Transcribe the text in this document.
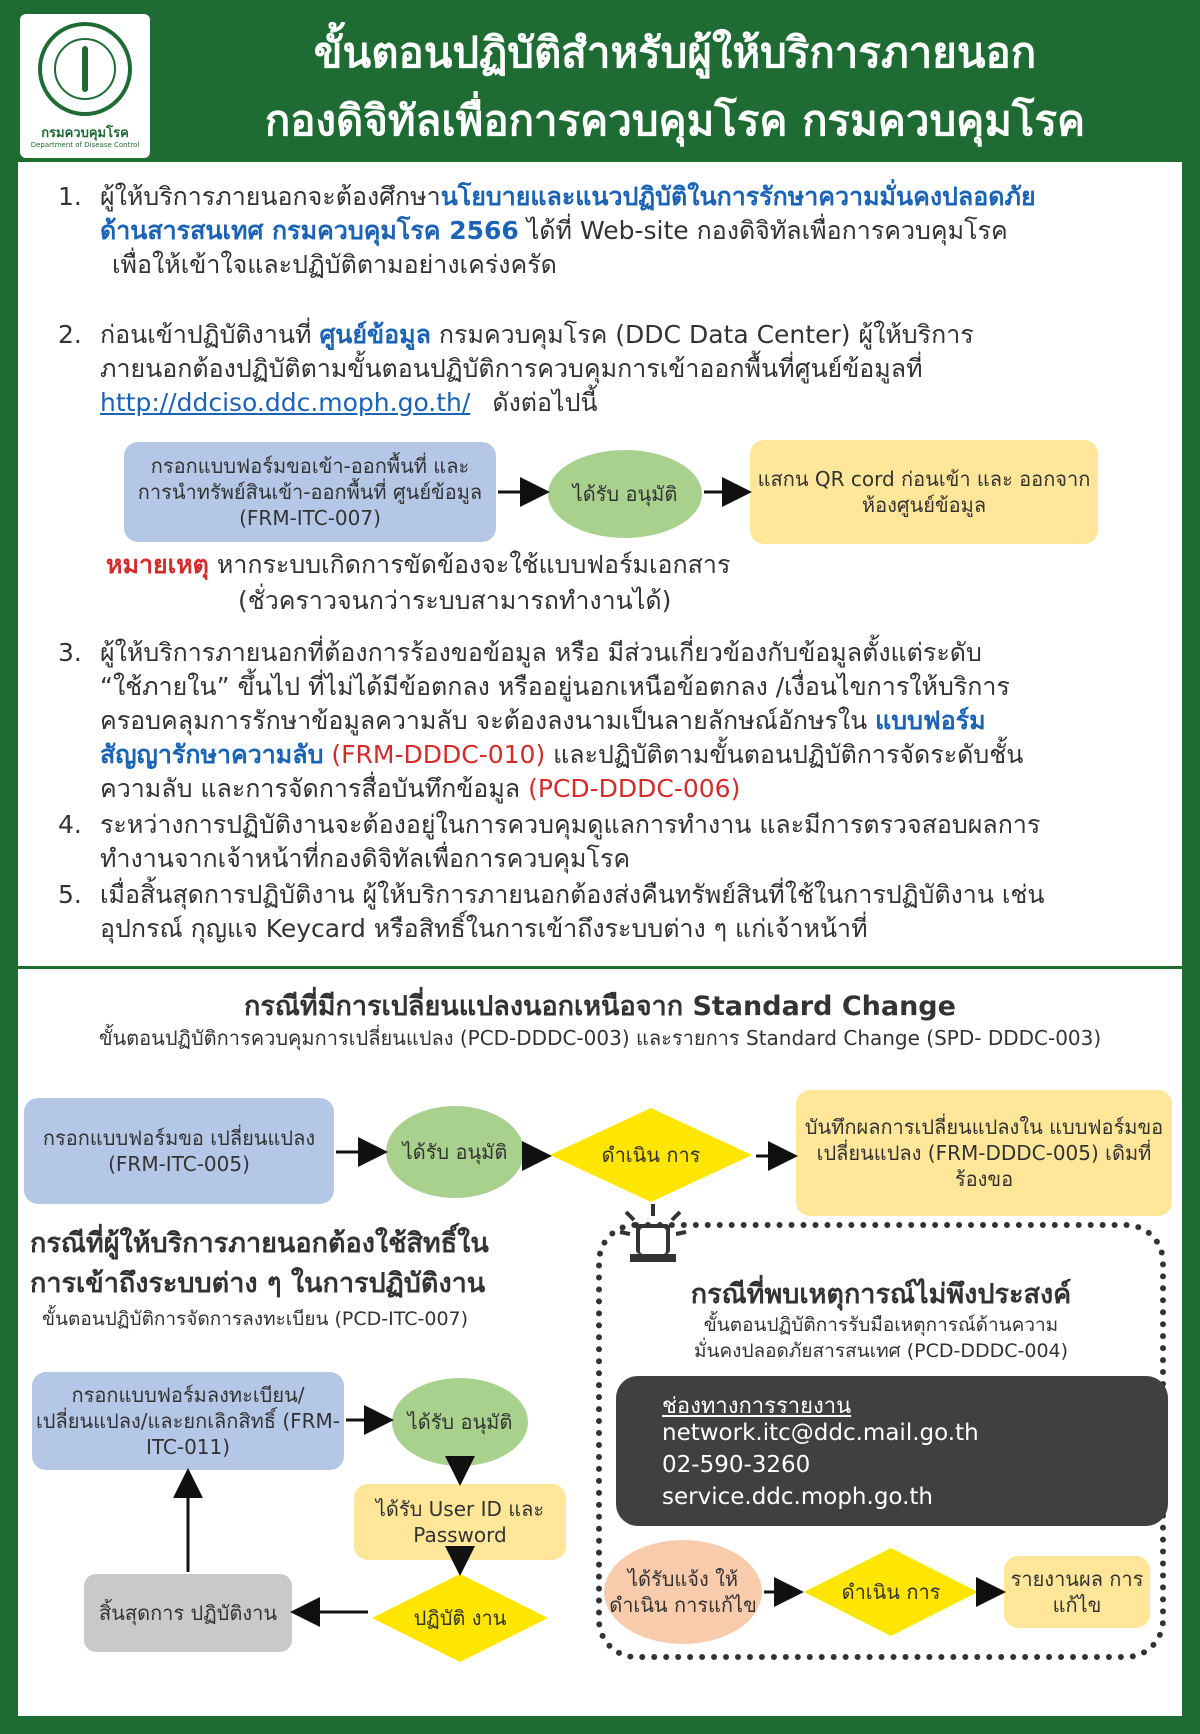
กรมควบคุมโรค
Department of Disease Control
ขั้นตอนปฏิบัติสำหรับผู้ให้บริการภายนอก
กองดิจิทัลเพื่อการควบคุมโรค กรมควบคุมโรค
1. ผู้ให้บริการภายนอกจะต้องศึกษานโยบายและแนวปฏิบัติในการรักษาความมั่นคงปลอดภัย
ด้านสารสนเทศ กรมควบคุมโรค 2566 ได้ที่ Web-site กองดิจิทัลเพื่อการควบคุมโรค
เพื่อให้เข้าใจและปฏิบัติตามอย่างเคร่งครัด
2. ก่อนเข้าปฏิบัติงานที่ ศูนย์ข้อมูล กรมควบคุมโรค (DDC Data Center) ผู้ให้บริการ
ภายนอกต้องปฏิบัติตามขั้นตอนปฏิบัติการควบคุมการเข้าออกพื้นที่ศูนย์ข้อมูลที่
http://ddciso.ddc.moph.go.th/ ดังต่อไปนี้
กรอกแบบฟอร์มขอเข้า-ออกพื้นที่ และการนำทรัพย์สินเข้า-ออกพื้นที่ ศูนย์ข้อมูล (FRM-ITC-007)
ได้รับ อนุมัติ
แสกน QR cord ก่อนเข้า และ ออกจากห้องศูนย์ข้อมูล
หมายเหตุ หากระบบเกิดการขัดข้องจะใช้แบบฟอร์มเอกสาร
(ชั่วคราวจนกว่าระบบสามารถทำงานได้)
3. ผู้ให้บริการภายนอกที่ต้องการร้องขอข้อมูล หรือ มีส่วนเกี่ยวข้องกับข้อมูลตั้งแต่ระดับ
“ใช้ภายใน” ขึ้นไป ที่ไม่ได้มีข้อตกลง หรืออยู่นอกเหนือข้อตกลง /เงื่อนไขการให้บริการ
ครอบคลุมการรักษาข้อมูลความลับ จะต้องลงนามเป็นลายลักษณ์อักษรใน แบบฟอร์ม
สัญญารักษาความลับ (FRM-DDDC-010) และปฏิบัติตามขั้นตอนปฏิบัติการจัดระดับชั้น
ความลับ และการจัดการสื่อบันทึกข้อมูล (PCD-DDDC-006)
4. ระหว่างการปฏิบัติงานจะต้องอยู่ในการควบคุมดูแลการทำงาน และมีการตรวจสอบผลการ
ทำงานจากเจ้าหน้าที่กองดิจิทัลเพื่อการควบคุมโรค
5. เมื่อสิ้นสุดการปฏิบัติงาน ผู้ให้บริการภายนอกต้องส่งคืนทรัพย์สินที่ใช้ในการปฏิบัติงาน เช่น
อุปกรณ์ กุญแจ Keycard หรือสิทธิ์ในการเข้าถึงระบบต่าง ๆ แก่เจ้าหน้าที่
กรณีที่มีการเปลี่ยนแปลงนอกเหนือจาก Standard Change
ขั้นตอนปฏิบัติการควบคุมการเปลี่ยนแปลง (PCD-DDDC-003) และรายการ Standard Change (SPD- DDDC-003)
กรอกแบบฟอร์มขอ เปลี่ยนแปลง (FRM-ITC-005)	ได้รับ อนุมัติ	ดำเนิน การ
บันทึกผลการเปลี่ยนแปลงใน แบบฟอร์มขอเปลี่ยนแปลง (FRM-DDDC-005) เดิมที่ร้องขอ
กรณีที่ผู้ให้บริการภายนอกต้องใช้สิทธิ์ใน
การเข้าถึงระบบต่าง ๆ ในการปฏิบัติงาน
ขั้นตอนปฏิบัติการจัดการลงทะเบียน (PCD-ITC-007)
กรอกแบบฟอร์มลงทะเบียน/ เปลี่ยนแปลง/และยกเลิกสิทธิ์ (FRM-ITC-011)
ได้รับ อนุมัติ
ได้รับ User ID และ Password
ปฏิบัติ งาน
สิ้นสุดการ ปฏิบัติงาน
กรณีที่พบเหตุการณ์ไม่พึงประสงค์
ขั้นตอนปฏิบัติการรับมือเหตุการณ์ด้านความ
มั่นคงปลอดภัยสารสนเทศ (PCD-DDDC-004)
ช่องทางการรายงาน
network.itc@ddc.mail.go.th
02-590-3260
service.ddc.moph.go.th
ได้รับแจ้ง ให้ดำเนิน การแก้ไข
ดำเนิน การ
รายงานผล การแก้ไข
